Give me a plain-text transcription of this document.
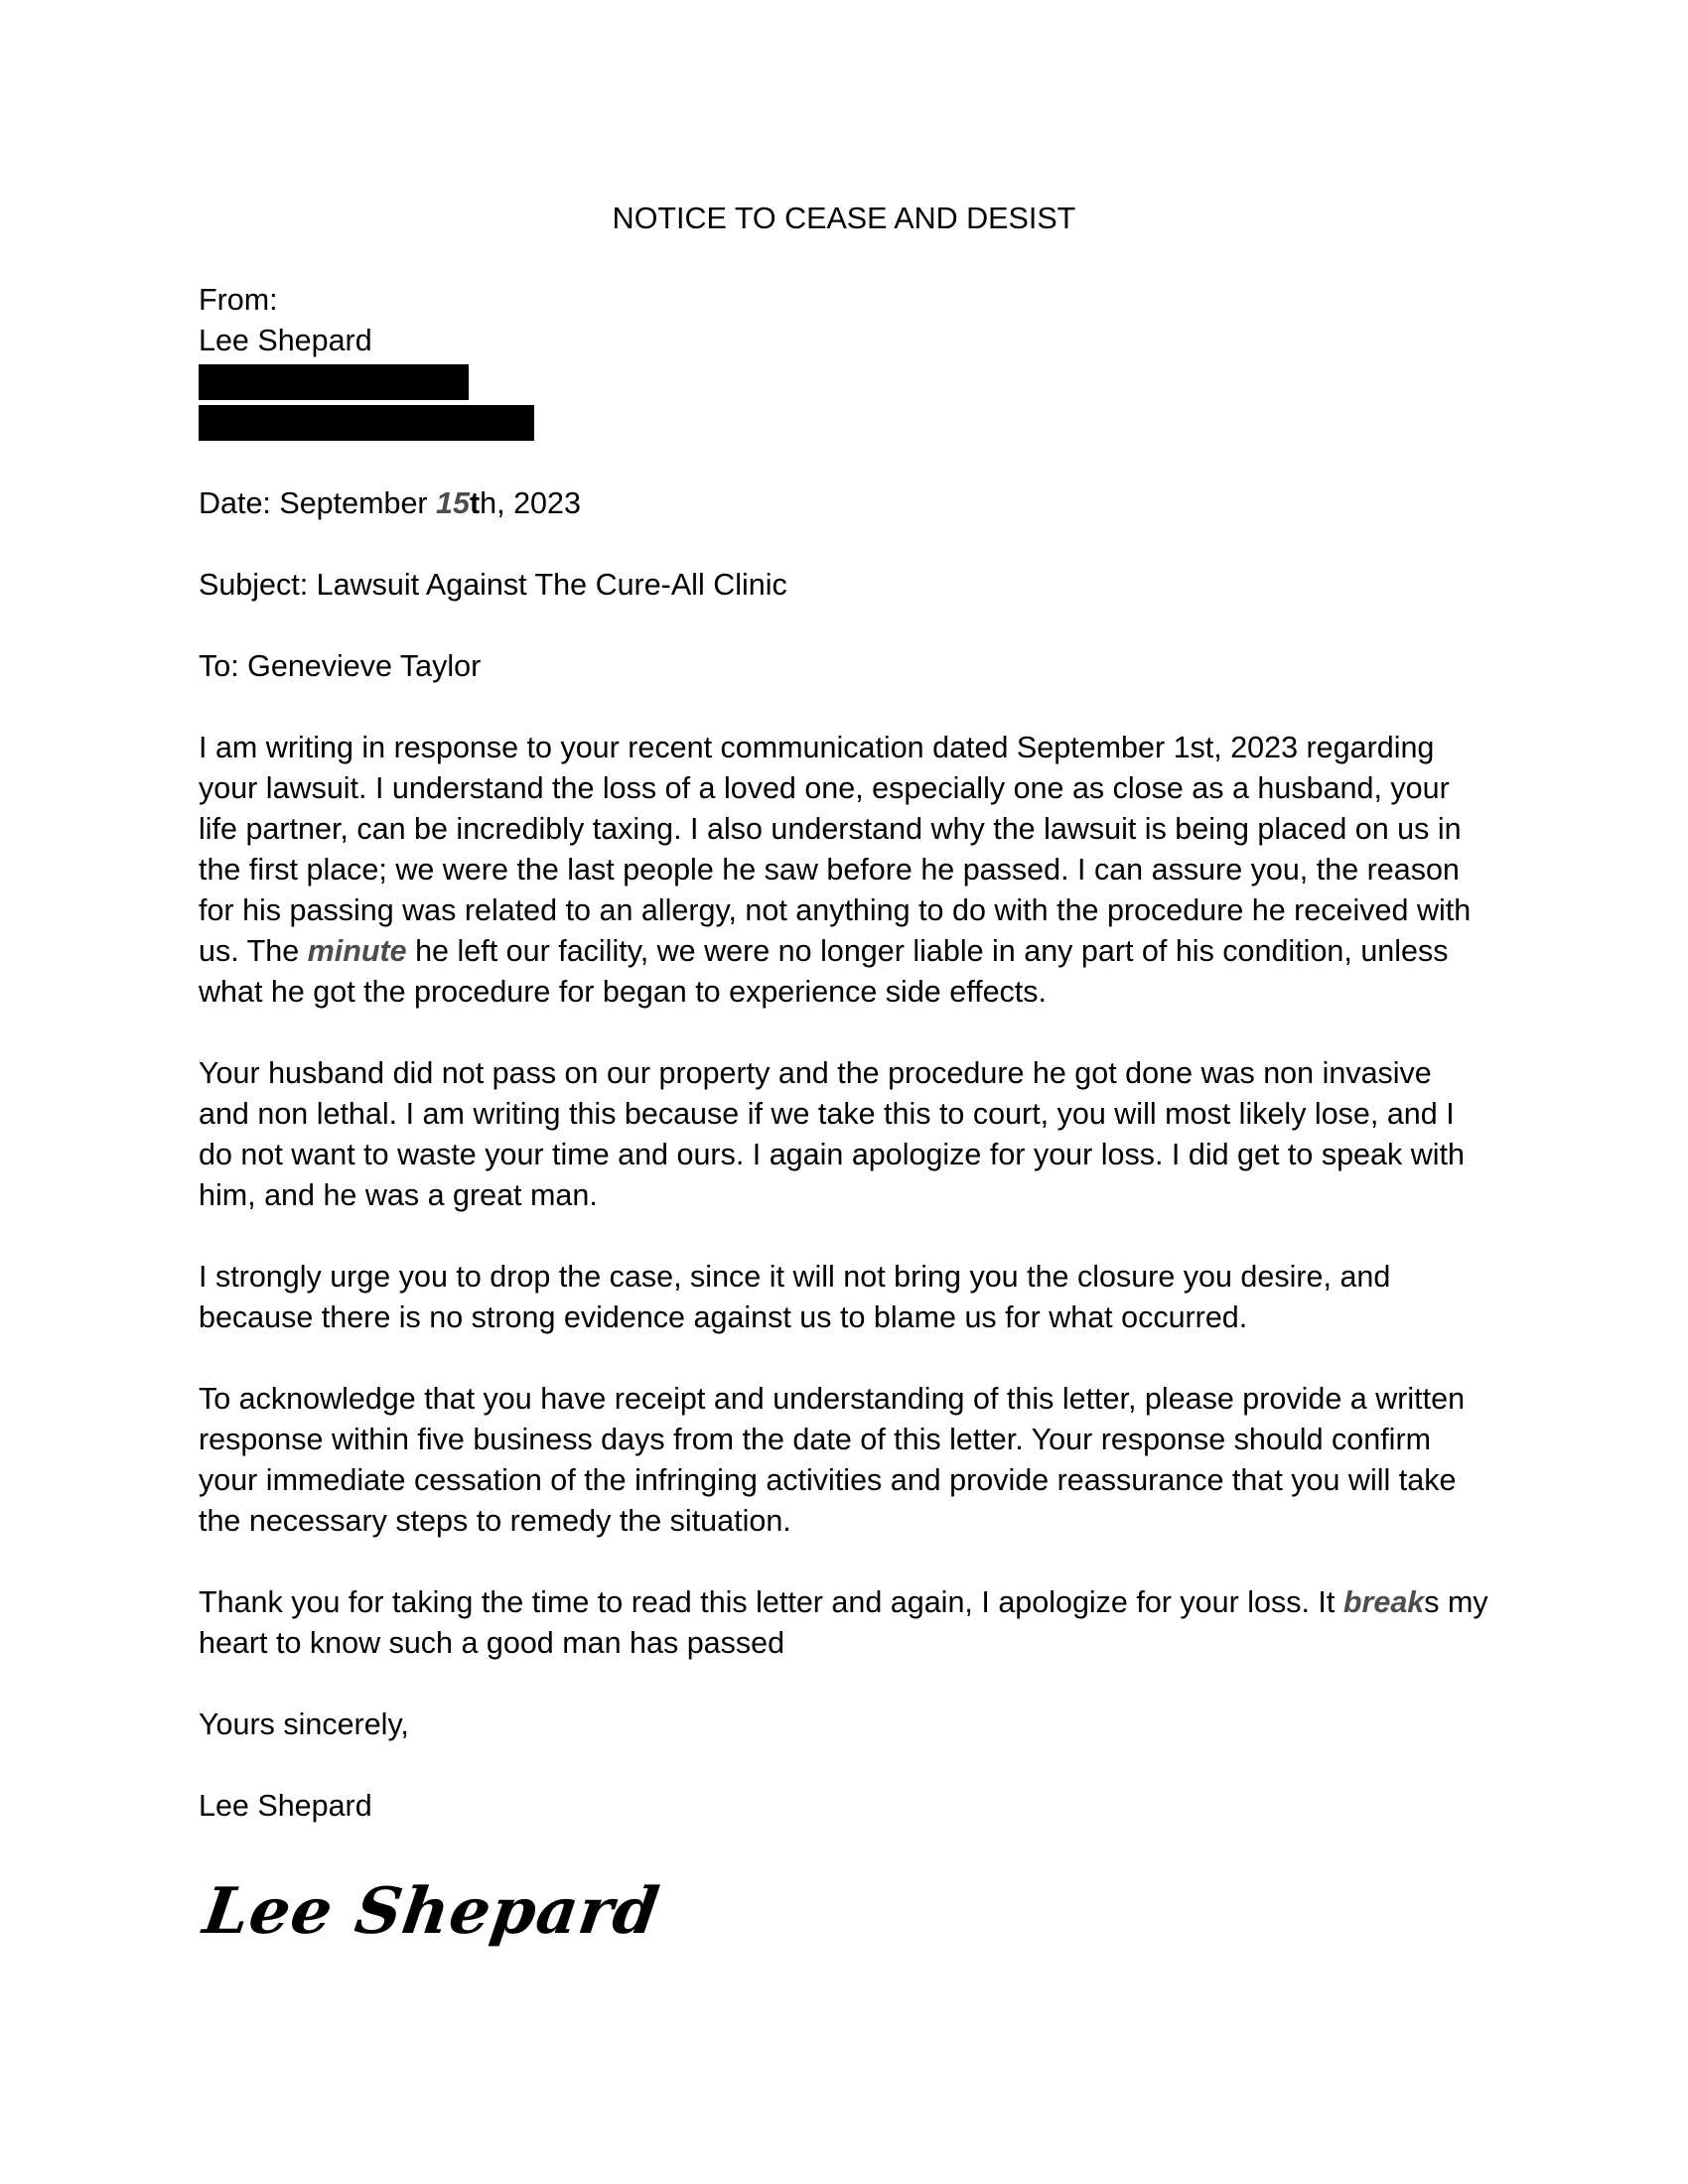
NOTICE TO CEASE AND DESIST
From:
Lee Shepard

Date: September 15th, 2023

Subject: Lawsuit Against The Cure-All Clinic

To: Genevieve Taylor

I am writing in response to your recent communication dated September 1st, 2023 regarding your lawsuit. I understand the loss of a loved one, especially one as close as a husband, your life partner, can be incredibly taxing. I also understand why the lawsuit is being placed on us in the first place; we were the last people he saw before he passed. I can assure you, the reason for his passing was related to an allergy, not anything to do with the procedure he received with us. The minute he left our facility, we were no longer liable in any part of his condition, unless what he got the procedure for began to experience side effects.

Your husband did not pass on our property and the procedure he got done was non invasive and non lethal. I am writing this because if we take this to court, you will most likely lose, and I do not want to waste your time and ours. I again apologize for your loss. I did get to speak with him, and he was a great man.

I strongly urge you to drop the case, since it will not bring you the closure you desire, and because there is no strong evidence against us to blame us for what occurred.

To acknowledge that you have receipt and understanding of this letter, please provide a written response within five business days from the date of this letter. Your response should confirm your immediate cessation of the infringing activities and provide reassurance that you will take the necessary steps to remedy the situation.

Thank you for taking the time to read this letter and again, I apologize for your loss. It breaks my heart to know such a good man has passed

Yours sincerely,

Lee Shepard

Lee Shepard
